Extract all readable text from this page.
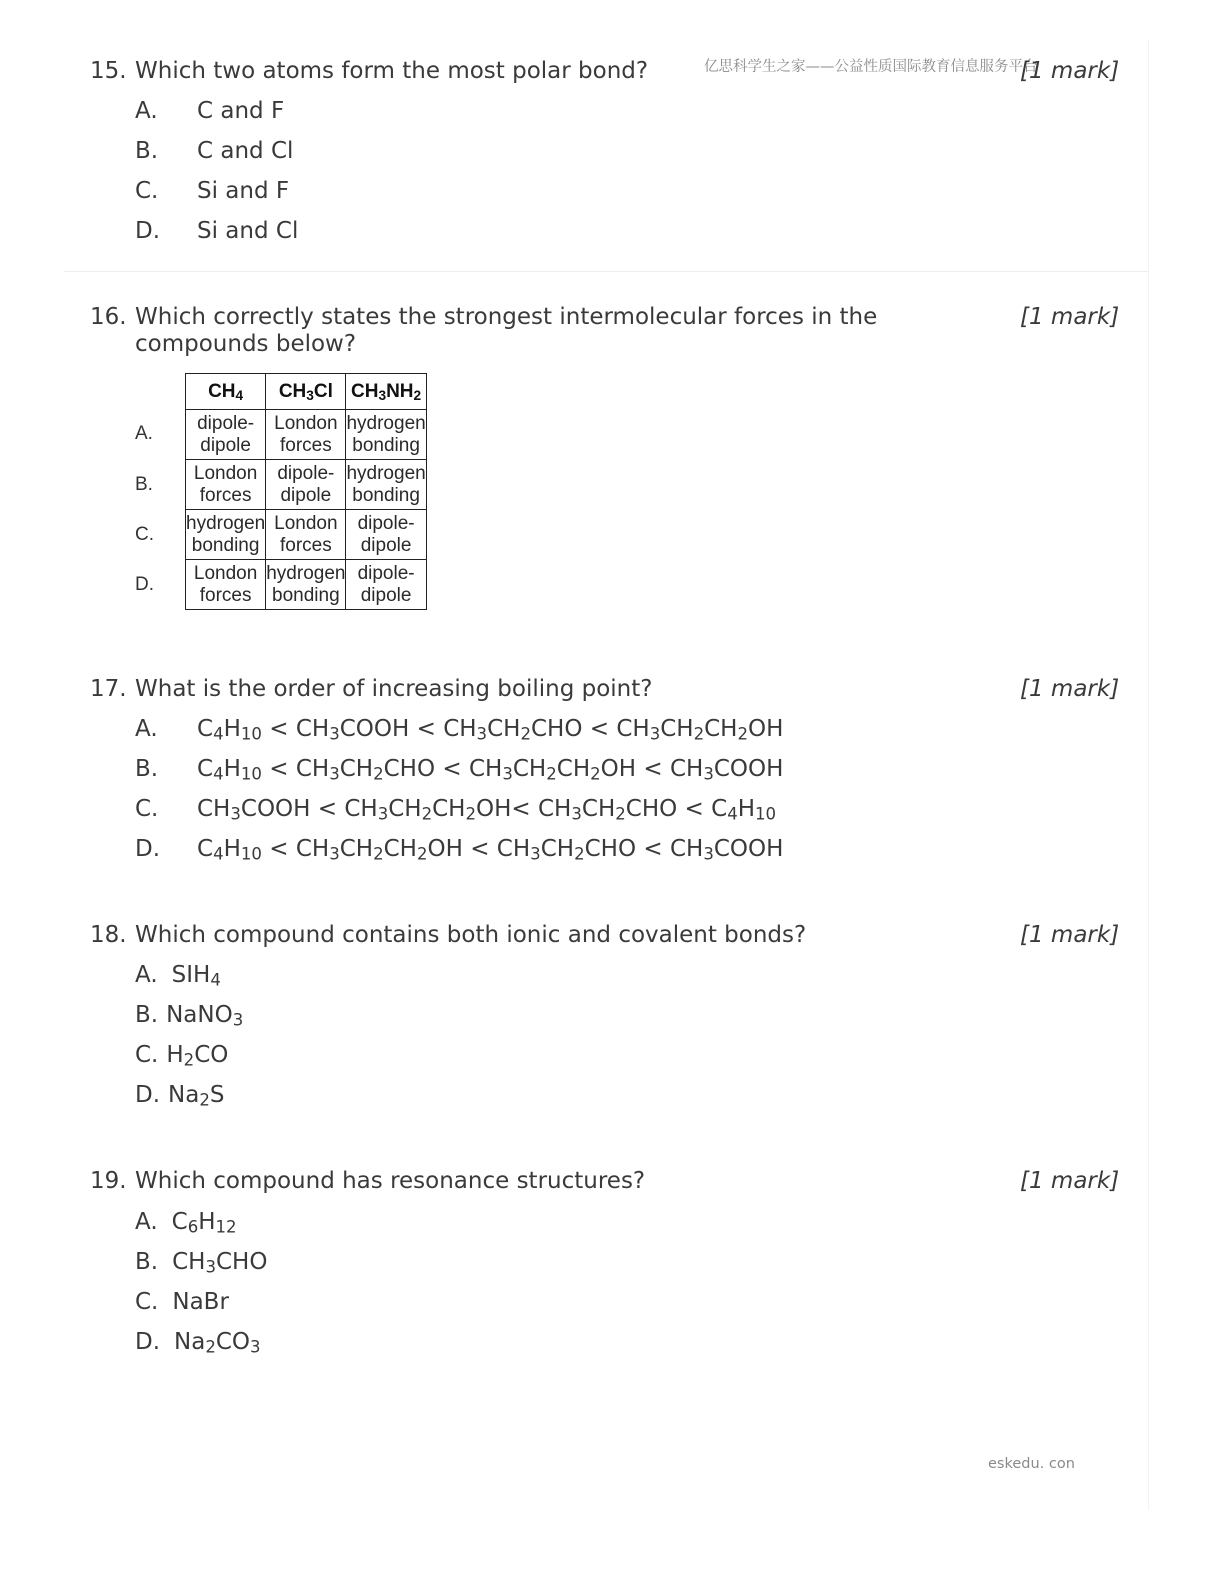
亿思科学生之家——公益性质国际教育信息服务平台
15. Which two atoms form the most polar bond?	[1 mark]
A. C and F
B. C and Cl
C. Si and F
D. Si and Cl
16. Which correctly states the strongest intermolecular forces in the
compounds below?
[1 mark]
A.
B.
C.
D.
$CH_4$	$CH_3Cl$	$CH_3NH_2$
dipole-dipole	London forces	hydrogen bonding
London forces	dipole-dipole	hydrogen bonding
hydrogen bonding	London forces	dipole-dipole
London forces	hydrogen bonding	dipole-dipole
17. What is the order of increasing boiling point?	[1 mark]
A. $C_4H_{10}$ < $CH_3COOH < CH_3CH_2CHO < CH_3CH_2CH_2OH$
B. $C_4H_{10} < CH_3CH_2CHO < CH_3CH_2CH_2OH$ < $CH_3COOH$
C. $CH_3COOH < CH_3CH_2CH_2OH< CH_3CH_2CHO < C_4H_{10}$
D. $C_4H_{10} < CH_3CH_2CH_2OH < CH_3CH_2CHO$ < $CH_3COOH$
18. Which compound contains both ionic and covalent bonds?	[1 mark]
A. $SIH_4$
B. NaNO$_3$
C. $H_2CO$
D. $Na_2S$
19. Which compound has resonance structures?	[1 mark]
A. $C_6H_{12}$
B. $CH_3CHO$
C. NaBr
D. $Na_2CO_3$
eskedu. con
